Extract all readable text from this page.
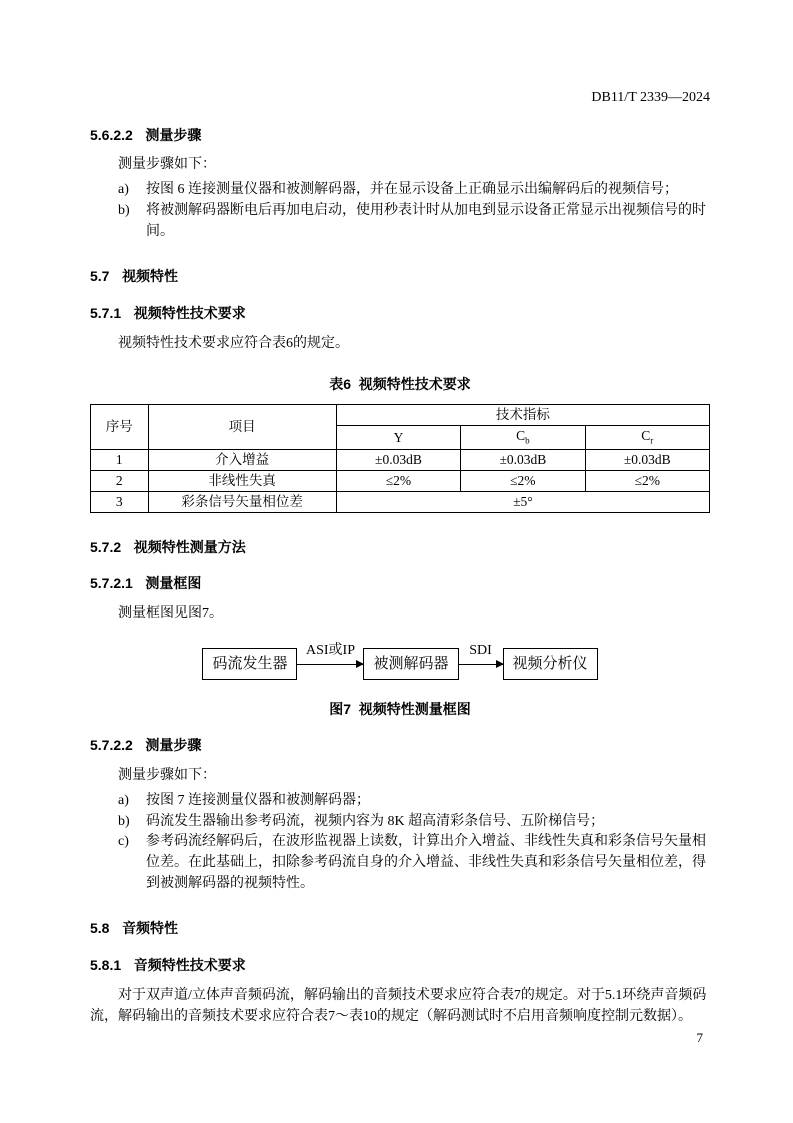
DB11/T 2339—2024
5.6.2.2 测量步骤

测量步骤如下：

a)	按图 6 连接测量仪器和被测解码器，并在显示设备上正确显示出编解码后的视频信号；
b)	将被测解码器断电后再加电启动，使用秒表计时从加电到显示设备正常显示出视频信号的时间。
5.7 视频特性
5.7.1 视频特性技术要求

视频特性技术要求应符合表6的规定。

表6  视频特性技术要求
序号	项目	技术指标		
		Y	$C_b$	$C_r$
1	介入增益	±0.03dB	±0.03dB	±0.03dB
2	非线性失真	≤2%	≤2%	≤2%
3	彩条信号矢量相位差	±5°		
5.7.2 视频特性测量方法
5.7.2.1 测量框图

测量框图见图7。

码流发生器
ASI或IP
被测解码器
SDI
视频分析仪
图7  视频特性测量框图
5.7.2.2 测量步骤

测量步骤如下：

a)	按图 7 连接测量仪器和被测解码器；
b)	码流发生器输出参考码流，视频内容为 8K 超高清彩条信号、五阶梯信号；
c)	参考码流经解码后，在波形监视器上读数，计算出介入增益、非线性失真和彩条信号矢量相位差。在此基础上，扣除参考码流自身的介入增益、非线性失真和彩条信号矢量相位差，得到被测解码器的视频特性。
5.8 音频特性
5.8.1 音频特性技术要求

对于双声道/立体声音频码流，解码输出的音频技术要求应符合表7的规定。对于5.1环绕声音频码流，解码输出的音频技术要求应符合表7～表10的规定（解码测试时不启用音频响度控制元数据）。

7
